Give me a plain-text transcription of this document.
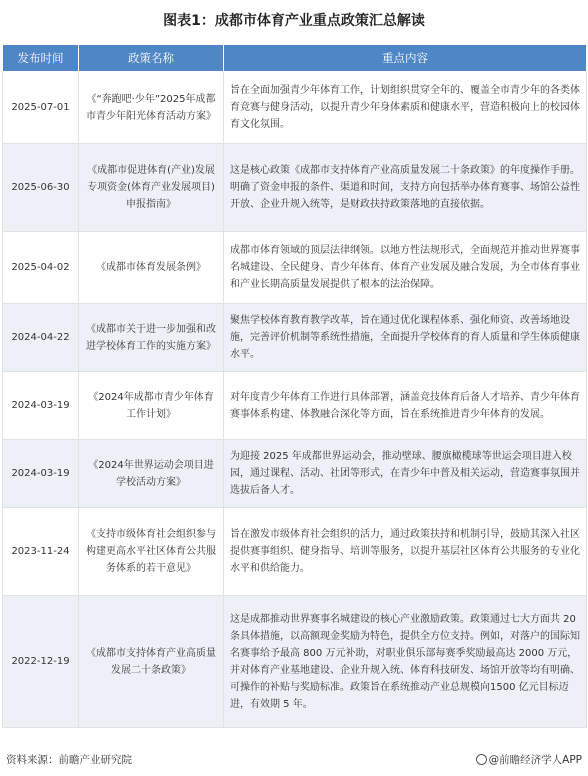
图表1：成都市体育产业重点政策汇总解读
发布时间	政策名称	重点内容
2025-07-01	《“奔跑吧·少年”2025年成都市青少年阳光体育活动方案》	旨在全面加强青少年体育工作，计划组织贯穿全年的、覆盖全市青少年的各类体育竞赛与健身活动，以提升青少年身体素质和健康水平，营造积极向上的校园体育文化氛围。
2025-06-30	《成都市促进体育(产业)发展专项资金(体育产业发展项目)申报指南》	这是核心政策《成都市支持体育产业高质量发展二十条政策》的年度操作手册。明确了资金申报的条件、渠道和时间，支持方向包括举办体育赛事、场馆公益性开放、企业升规入统等，是财政扶持政策落地的直接依据。
2025-04-02	《成都市体育发展条例》	成都市体育领域的顶层法律纲领。以地方性法规形式，全面规范并推动世界赛事名城建设、全民健身、青少年体育、体育产业发展及融合发展，为全市体育事业和产业长期高质量发展提供了根本的法治保障。
2024-04-22	《成都市关于进一步加强和改进学校体育工作的实施方案》	聚焦学校体育教育教学改革，旨在通过优化课程体系、强化师资、改善场地设施，完善评价机制等系统性措施，全面提升学校体育的育人质量和学生体质健康水平。
2024-03-19	《2024年成都市青少年体育工作计划》	对年度青少年体育工作进行具体部署，涵盖竞技体育后备人才培养、青少年体育赛事体系构建、体教融合深化等方面，旨在系统推进青少年体育的发展。
2024-03-19	《2024年世界运动会项目进学校活动方案》	为迎接 2025 年成都世界运动会，推动壁球、腰旗橄榄球等世运会项目进入校园，通过课程、活动、社团等形式，在青少年中普及相关运动，营造赛事氛围并选拔后备人才。
2023-11-24	《支持市级体育社会组织参与构建更高水平社区体育公共服务体系的若干意见》	旨在激发市级体育社会组织的活力，通过政策扶持和机制引导，鼓励其深入社区提供赛事组织、健身指导、培训等服务，以提升基层社区体育公共服务的专业化水平和供给能力。
2022-12-19	《成都市支持体育产业高质量发展二十条政策》	这是成都推动世界赛事名城建设的核心产业激励政策。政策通过七大方面共 20 条具体措施，以高额现金奖励为特色，提供全方位支持。例如，对落户的国际知名赛事给予最高 800 万元补助，对职业俱乐部每赛季奖励最高达 2000 万元，并对体育产业基地建设、企业升规入统、体育科技研发、场馆开放等均有明确、可操作的补贴与奖励标准。政策旨在系统推动产业总规模向1500 亿元目标迈进，有效期 5 年。
资料来源：前瞻产业研究院	@前瞻经济学人APP
